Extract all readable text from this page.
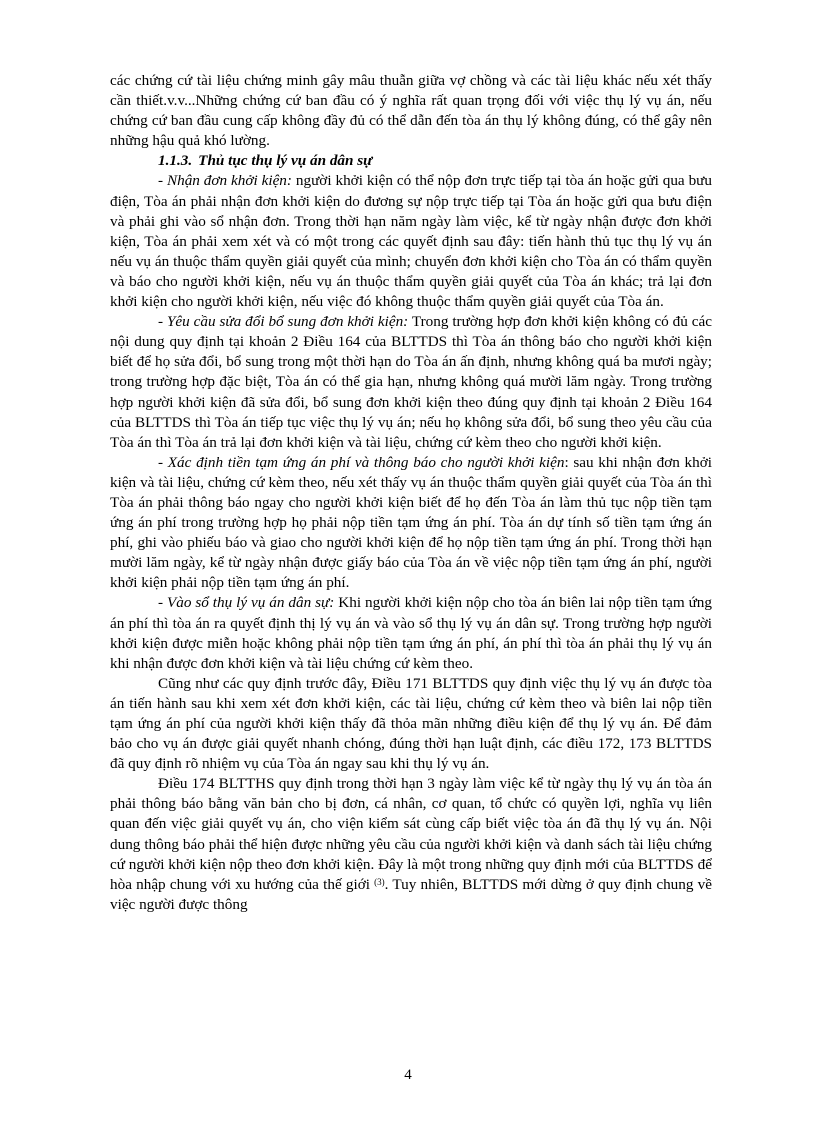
các chứng cứ tài liệu chứng minh gây mâu thuẫn giữa vợ chồng và các tài liệu khác nếu xét thấy cần thiết.v.v...Những chứng cứ ban đầu có ý nghĩa rất quan trọng đối với việc thụ lý vụ án, nếu chứng cứ ban đầu cung cấp không đầy đủ có thể dẫn đến tòa án thụ lý không đúng, có thể gây nên những hậu quả khó lường.

1.1.3. Thủ tục thụ lý vụ án dân sự

- Nhận đơn khởi kiện: người khởi kiện có thể nộp đơn trực tiếp tại tòa án hoặc gửi qua bưu điện, Tòa án phải nhận đơn khởi kiện do đương sự nộp trực tiếp tại Tòa án hoặc gửi qua bưu điện và phải ghi vào sổ nhận đơn. Trong thời hạn năm ngày làm việc, kể từ ngày nhận được đơn khởi kiện, Tòa án phải xem xét và có một trong các quyết định sau đây: tiến hành thủ tục thụ lý vụ án nếu vụ án thuộc thẩm quyền giải quyết của mình; chuyển đơn khởi kiện cho Tòa án có thẩm quyền và báo cho người khởi kiện, nếu vụ án thuộc thẩm quyền giải quyết của Tòa án khác; trả lại đơn khởi kiện cho người khởi kiện, nếu việc đó không thuộc thẩm quyền giải quyết của Tòa án.

- Yêu cầu sửa đổi bổ sung đơn khởi kiện: Trong trường hợp đơn khởi kiện không có đủ các nội dung quy định tại khoản 2 Điều 164 của BLTTDS thì Tòa án thông báo cho người khởi kiện biết để họ sửa đổi, bổ sung trong một thời hạn do Tòa án ấn định, nhưng không quá ba mươi ngày; trong trường hợp đặc biệt, Tòa án có thể gia hạn, nhưng không quá mười lăm ngày. Trong trường hợp người khởi kiện đã sửa đổi, bổ sung đơn khởi kiện theo đúng quy định tại khoản 2 Điều 164 của BLTTDS thì Tòa án tiếp tục việc thụ lý vụ án; nếu họ không sửa đổi, bổ sung theo yêu cầu của Tòa án thì Tòa án trả lại đơn khởi kiện và tài liệu, chứng cứ kèm theo cho người khởi kiện.

- Xác định tiền tạm ứng án phí và thông báo cho người khởi kiện: sau khi nhận đơn khởi kiện và tài liệu, chứng cứ kèm theo, nếu xét thấy vụ án thuộc thẩm quyền giải quyết của Tòa án thì Tòa án phải thông báo ngay cho người khởi kiện biết để họ đến Tòa án làm thủ tục nộp tiền tạm ứng án phí trong trường hợp họ phải nộp tiền tạm ứng án phí. Tòa án dự tính số tiền tạm ứng án phí, ghi vào phiếu báo và giao cho người khởi kiện để họ nộp tiền tạm ứng án phí. Trong thời hạn mười lăm ngày, kể từ ngày nhận được giấy báo của Tòa án về việc nộp tiền tạm ứng án phí, người khởi kiện phải nộp tiền tạm ứng án phí.

- Vào sổ thụ lý vụ án dân sự: Khi người khởi kiện nộp cho tòa án biên lai nộp tiền tạm ứng án phí thì tòa án ra quyết định thị lý vụ án và vào sổ thụ lý vụ án dân sự. Trong trường hợp người khởi kiện được miễn hoặc không phải nộp tiền tạm ứng án phí, án phí thì tòa án phải thụ lý vụ án khi nhận được đơn khởi kiện và tài liệu chứng cứ kèm theo.

Cũng như các quy định trước đây, Điều 171 BLTTDS quy định việc thụ lý vụ án được tòa án tiến hành sau khi xem xét đơn khởi kiện, các tài liệu, chứng cứ kèm theo và biên lai nộp tiền tạm ứng án phí của người khởi kiện thấy đã thỏa mãn những điều kiện để thụ lý vụ án. Để đảm bảo cho vụ án được giải quyết nhanh chóng, đúng thời hạn luật định, các điều 172, 173 BLTTDS đã quy định rõ nhiệm vụ của Tòa án ngay sau khi thụ lý vụ án.

Điều 174 BLTTHS quy định trong thời hạn 3 ngày làm việc kể từ ngày thụ lý vụ án tòa án phải thông báo bằng văn bản cho bị đơn, cá nhân, cơ quan, tổ chức có quyền lợi, nghĩa vụ liên quan đến việc giải quyết vụ án, cho viện kiểm sát cùng cấp biết việc tòa án đã thụ lý vụ án. Nội dung thông báo phải thể hiện được những yêu cầu của người khởi kiện và danh sách tài liệu chứng cứ người khởi kiện nộp theo đơn khởi kiện. Đây là một trong những quy định mới của BLTTDS để hòa nhập chung với xu hướng của thế giới $^{(3)}$. Tuy nhiên, BLTTDS mới dừng ở quy định chung về việc người được thông

4
